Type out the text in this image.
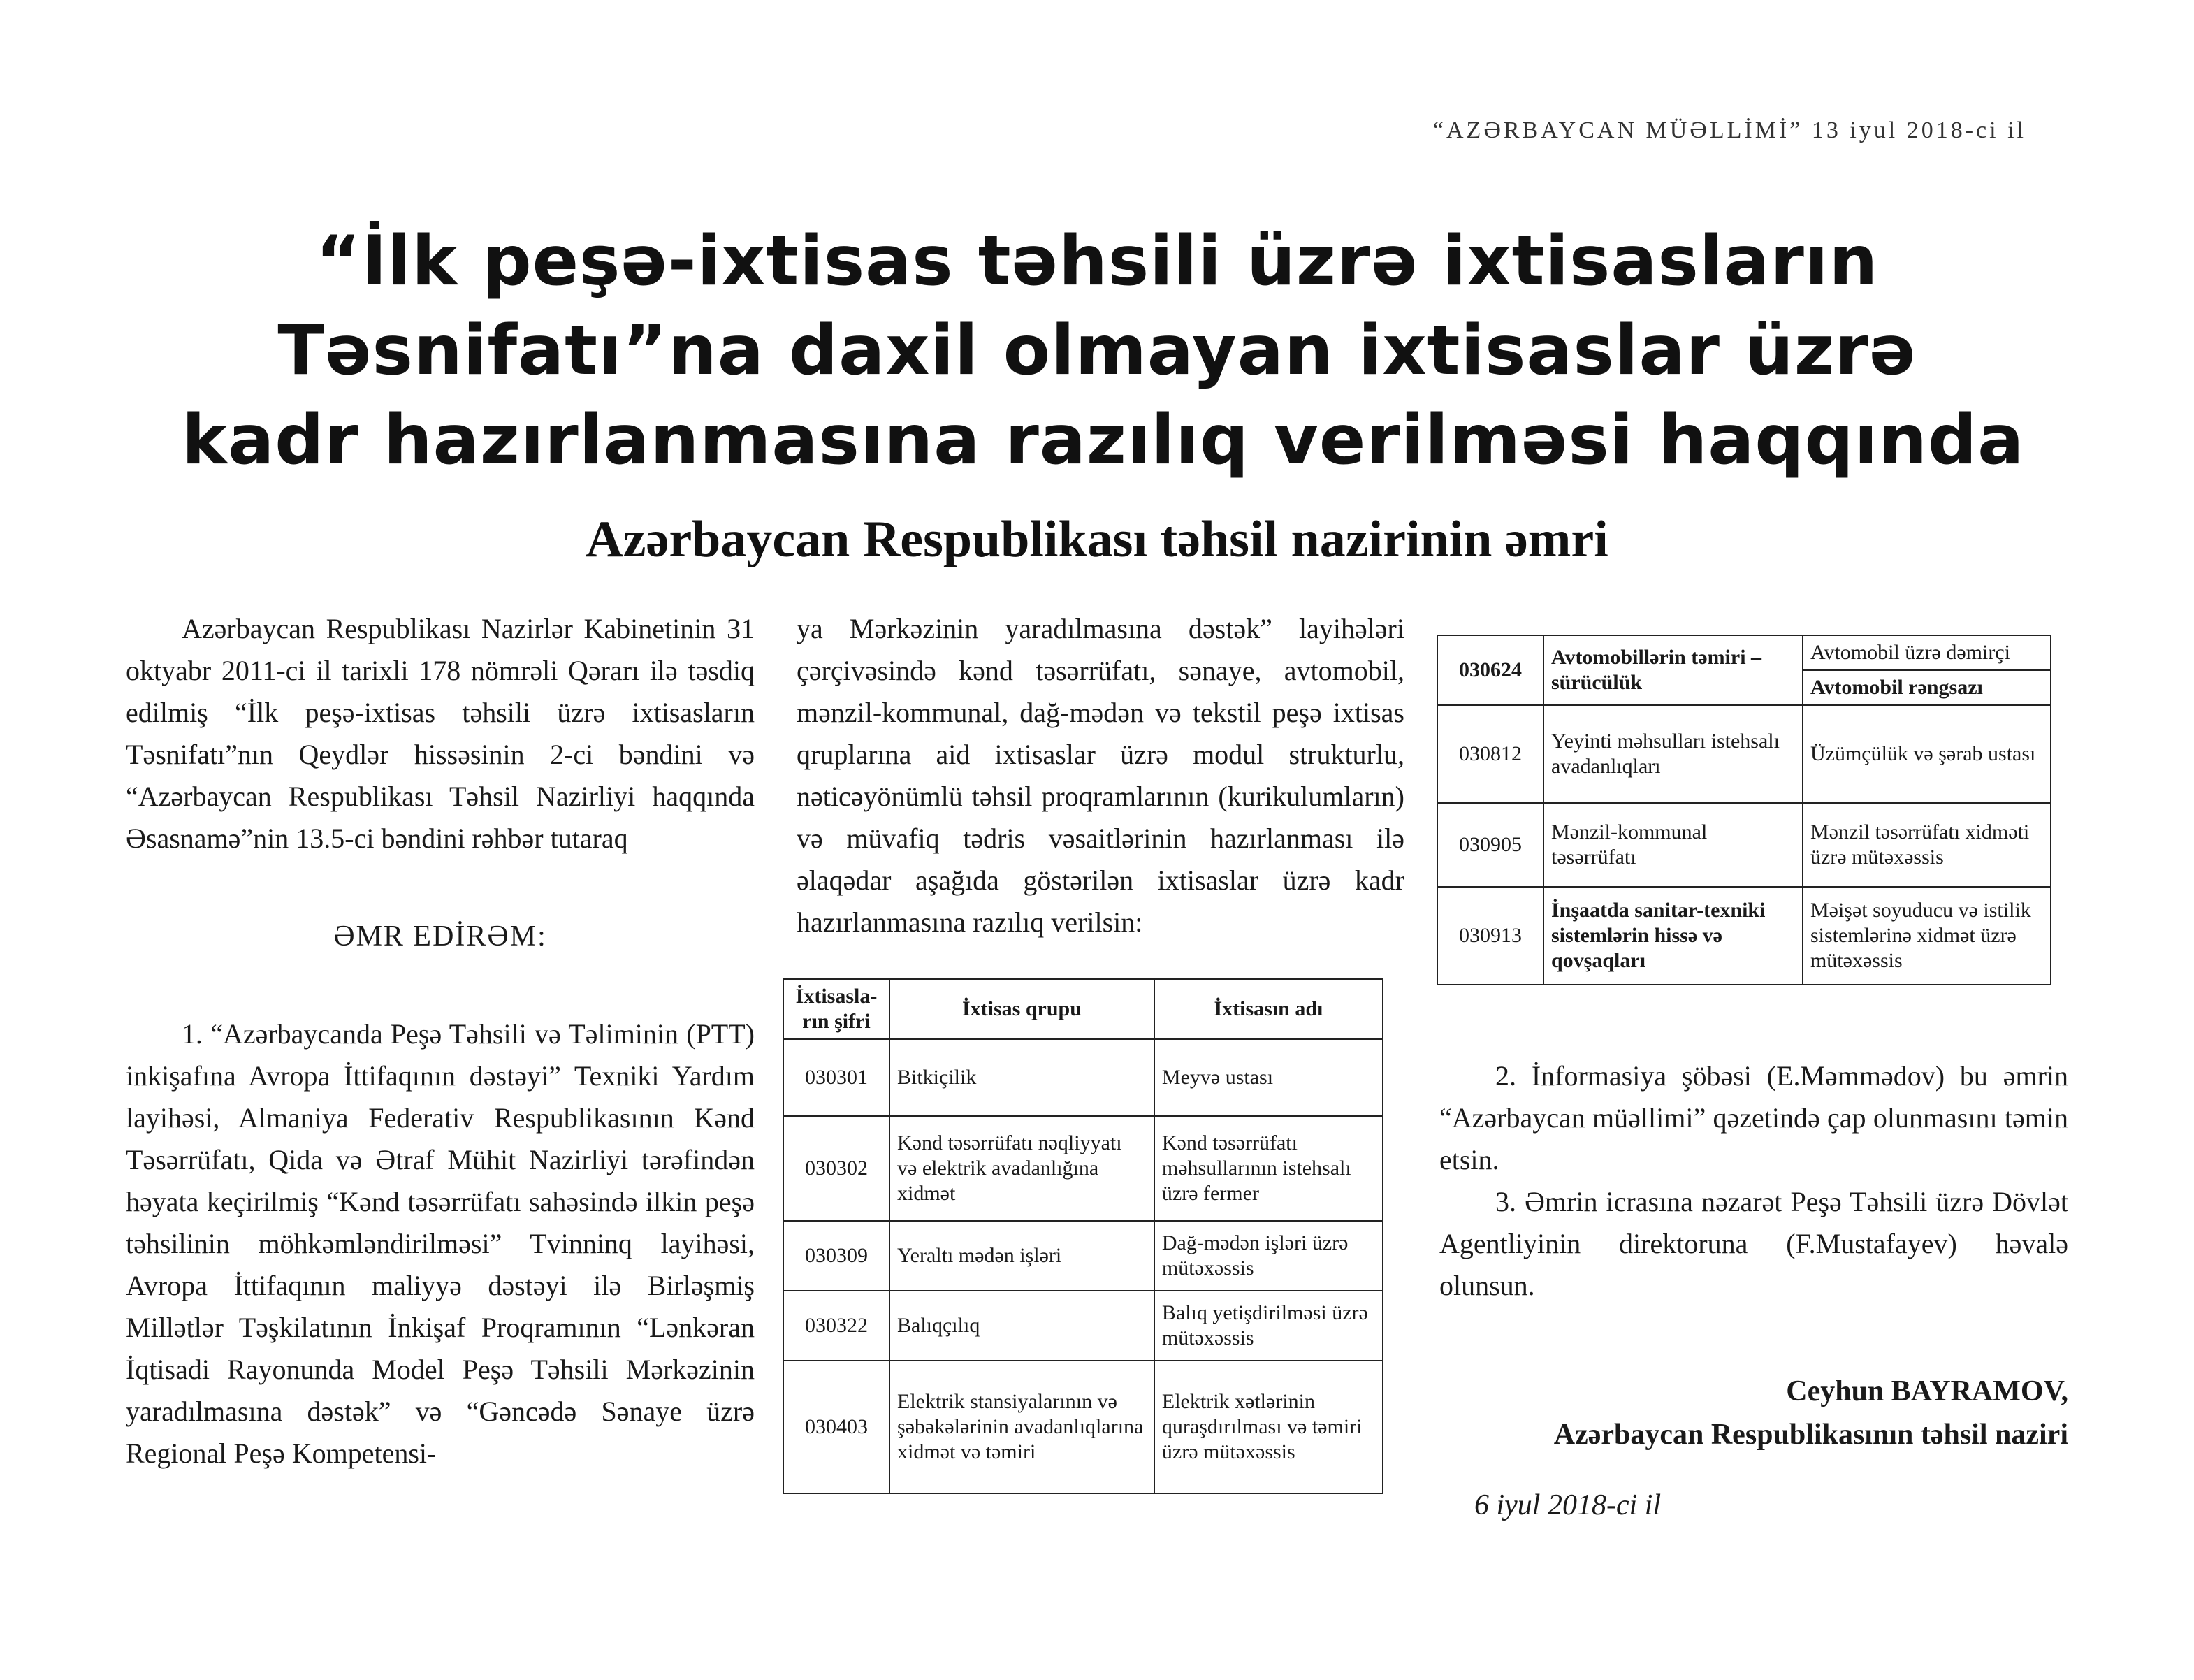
“AZƏRBAYCAN MÜƏLLİMİ” 13 iyul 2018-ci il
“İlk peşə-ixtisas təhsili üzrə ixtisasların
Təsnifatı”na daxil olmayan ixtisaslar üzrə
kadr hazırlanmasına razılıq verilməsi haqqında
Azərbaycan Respublikası təhsil nazirinin əmri

Azərbaycan Respublikası Nazirlər Kabinetinin 31 oktyabr 2011-ci il tarixli 178 nömrəli Qərarı ilə təsdiq edilmiş “İlk peşə-ixtisas təhsili üzrə ixtisasların Təsnifatı”nın Qeydlər hissəsinin 2-ci bəndini və “Azərbaycan Respublikası Təhsil Nazirliyi haqqında Əsasnamə”nin 13.5-ci bəndini rəhbər tutaraq

ƏMR EDİRƏM:

1. “Azərbaycanda Peşə Təhsili və Təliminin (PTT) inkişafına Avropa İttifaqının dəstəyi” Texniki Yardım layihəsi, Almaniya Federativ Respublikasının Kənd Təsərrüfatı, Qida və Ətraf Mühit Nazirliyi tərəfindən həyata keçirilmiş “Kənd təsərrüfatı sahəsində ilkin peşə təhsilinin möhkəmləndirilməsi” Tvinninq layihəsi, Avropa İttifaqının maliyyə dəstəyi ilə Birləşmiş Millətlər Təşkilatının İnkişaf Proqramının “Lənkəran İqtisadi Rayonunda Model Peşə Təhsili Mərkəzinin yaradılmasına dəstək” və “Gəncədə Sənaye üzrə Regional Peşə Kompetensi-

ya Mərkəzinin yaradılmasına dəstək” layihələri çərçivəsində kənd təsərrüfatı, sənaye, avtomobil, mənzil-kommunal, dağ-mədən və tekstil peşə ixtisas qruplarına aid ixtisaslar üzrə modul strukturlu, nəticəyönümlü təhsil proqramlarının (kurikulumların) və müvafiq tədris vəsaitlərinin hazırlanması ilə əlaqədar aşağıda göstərilən ixtisaslar üzrə kadr hazırlanmasına razılıq verilsin:

İxtisasla-rın şifri	İxtisas qrupu	İxtisasın adı
030301	Bitkiçilik	Meyvə ustası
030302	Kənd təsərrüfatı nəqliyyatı və elektrik avadanlığına xidmət	Kənd təsərrüfatı məhsullarının istehsalı üzrə fermer
030309	Yeraltı mədən işləri	Dağ-mədən işləri üzrə mütəxəssis
030322	Balıqçılıq	Balıq yetişdirilməsi üzrə mütəxəssis
030403	Elektrik stansiyalarının və şəbəkələrinin avadanlıqlarına xidmət və təmiri	Elektrik xətlərinin quraşdırılması və təmiri üzrə mütəxəssis
030624	Avtomobillərin təmiri – sürücülük	Avtomobil üzrə dəmirçi
		Avtomobil rəngsazı
030812	Yeyinti məhsulları istehsalı avadanlıqları	Üzümçülük və şərab ustası
030905	Mənzil-kommunal təsərrüfatı	Mənzil təsərrüfatı xidməti üzrə mütəxəssis
030913	İnşaatda sanitar-texniki sistemlərin hissə və qovşaqları	Məişət soyuducu və istilik sistemlərinə xidmət üzrə mütəxəssis

2. İnformasiya şöbəsi (E.Məmmədov) bu əmrin “Azərbaycan müəllimi” qəzetində çap olunmasını təmin etsin.

3. Əmrin icrasına nəzarət Peşə Təhsili üzrə Dövlət Agentliyinin direktoruna (F.Mustafayev) həvalə olunsun.

Ceyhun BAYRAMOV,
Azərbaycan Respublikasının təhsil naziri
6 iyul 2018-ci il
